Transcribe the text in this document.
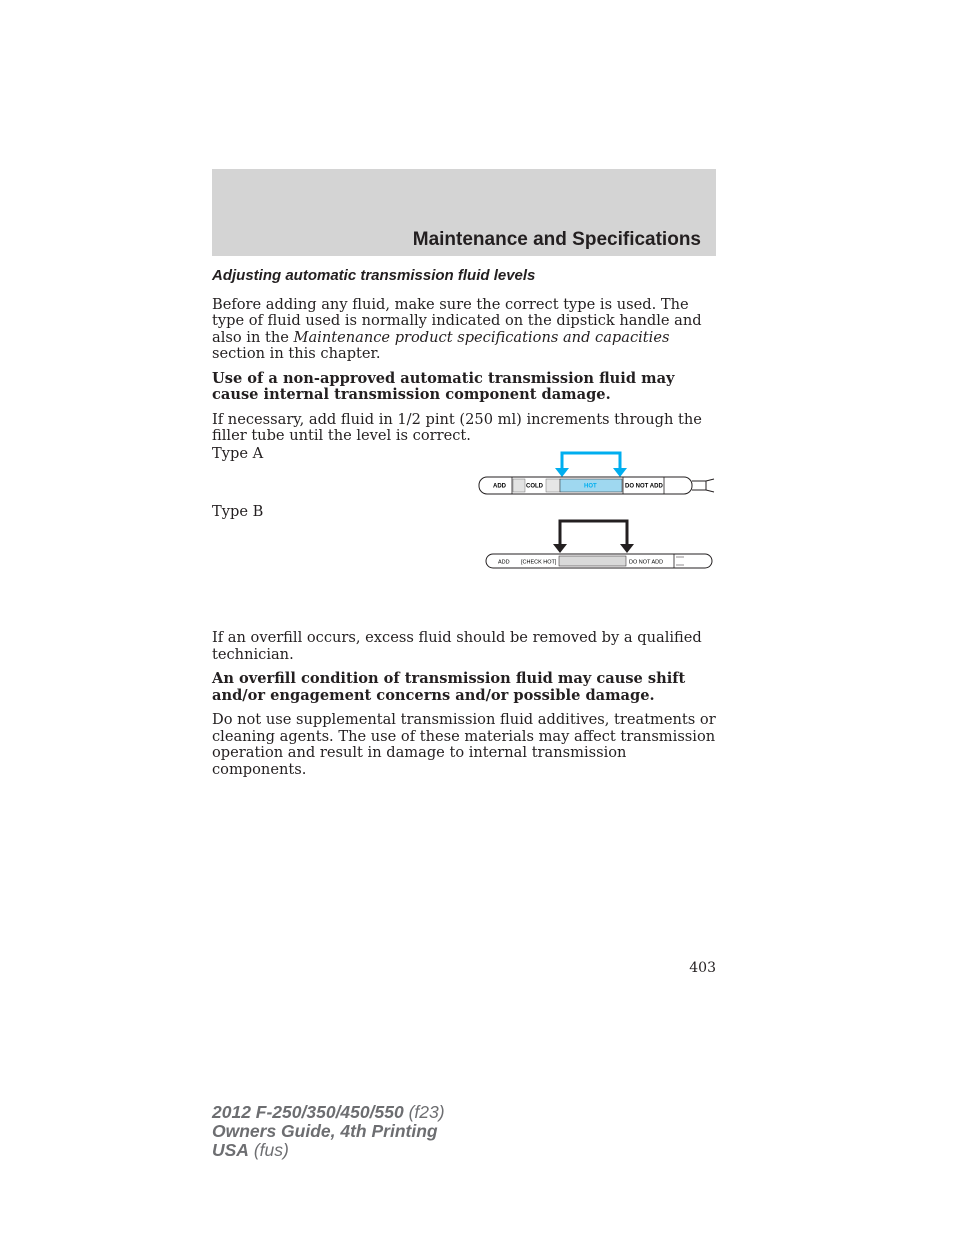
Maintenance and Specifications
Adjusting automatic transmission fluid levels

Before adding any fluid, make sure the correct type is used. The type of fluid used is normally indicated on the dipstick handle and also in the Maintenance product specifications and capacities section in this chapter.

Use of a non-approved automatic transmission fluid may cause internal transmission component damage.

If necessary, add fluid in 1/2 pint (250 ml) increments through the filler tube until the level is correct.

Type A
Type B
ADD	COLD	HOT	DO NOT ADD
ADD [CHECK HOT]	DO NOT ADD

If an overfill occurs, excess fluid should be removed by a qualified technician.

An overfill condition of transmission fluid may cause shift and/or engagement concerns and/or possible damage.

Do not use supplemental transmission fluid additives, treatments or cleaning agents. The use of these materials may affect transmission operation and result in damage to internal transmission components.

403
2012 F-250/350/450/550 (f23)
Owners Guide, 4th Printing
USA (fus)
